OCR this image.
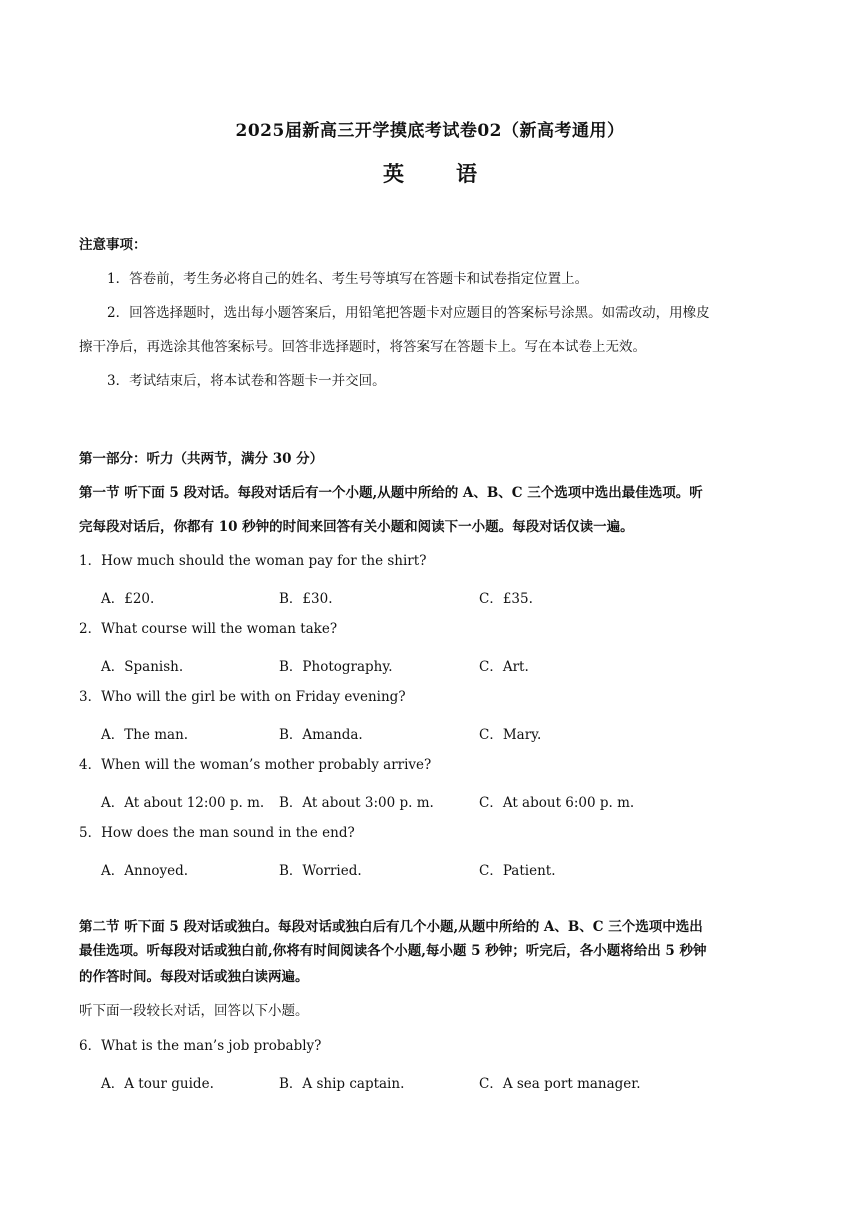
2025届新高三开学摸底考试卷02（新高考通用）
英语
注意事项：
1．答卷前，考生务必将自己的姓名、考生号等填写在答题卡和试卷指定位置上。
2．回答选择题时，选出每小题答案后，用铅笔把答题卡对应题目的答案标号涂黑。如需改动，用橡皮
擦干净后，再选涂其他答案标号。回答非选择题时，将答案写在答题卡上。写在本试卷上无效。
3．考试结束后，将本试卷和答题卡一并交回。
第一部分：听力（共两节，满分 30 分）
第一节 听下面 5 段对话。每段对话后有一个小题,从题中所给的 A、B、C 三个选项中选出最佳选项。听
完每段对话后，你都有 10 秒钟的时间来回答有关小题和阅读下一小题。每段对话仅读一遍。
1．How much should the woman pay for the shirt?
A．£20.	B．£30.	C．£35.
2．What course will the woman take?
A．Spanish.	B．Photography.	C．Art.
3．Who will the girl be with on Friday evening?
A．The man.	B．Amanda.	C．Mary.
4．When will the woman’s mother probably arrive?
A．At about 12:00 p. m. B．At about 3:00 p. m.	C．At about 6:00 p. m.
5．How does the man sound in the end?
A．Annoyed.	B．Worried.	C．Patient.
第二节 听下面 5 段对话或独白。每段对话或独白后有几个小题,从题中所给的 A、B、C 三个选项中选出
最佳选项。听每段对话或独白前,你将有时间阅读各个小题,每小题 5 秒钟；听完后，各小题将给出 5 秒钟
的作答时间。每段对话或独白读两遍。
听下面一段较长对话，回答以下小题。
6．What is the man’s job probably?
A．A tour guide.	B．A ship captain.	C．A sea port manager.
